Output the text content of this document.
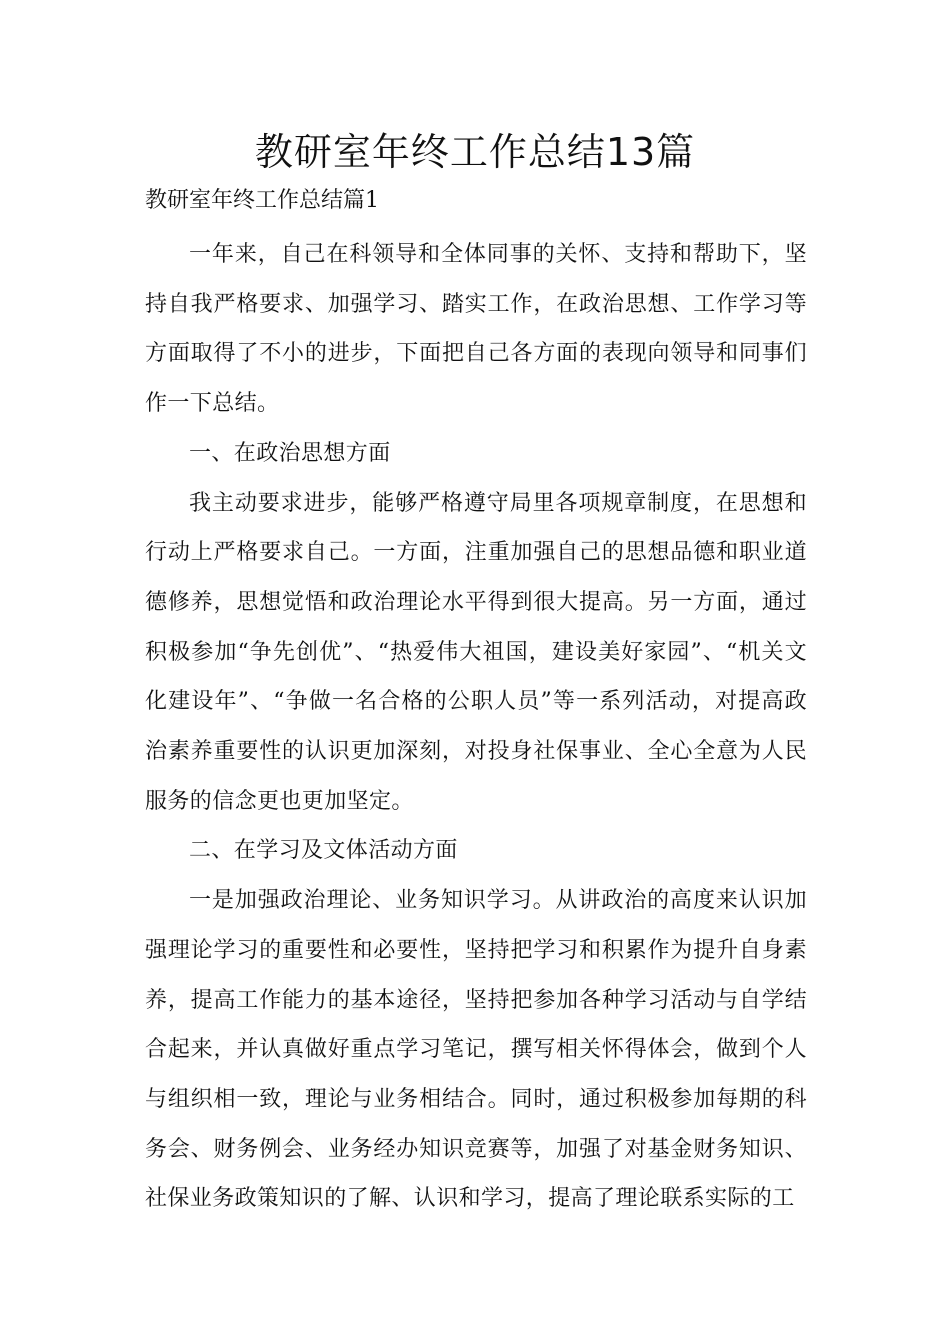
教研室年终工作总结13篇

教研室年终工作总结篇1

一年来，自己在科领导和全体同事的关怀、支持和帮助下，坚持自我严格要求、加强学习、踏实工作，在政治思想、工作学习等方面取得了不小的进步，下面把自己各方面的表现向领导和同事们作一下总结。

一、在政治思想方面

我主动要求进步，能够严格遵守局里各项规章制度，在思想和行动上严格要求自己。一方面，注重加强自己的思想品德和职业道德修养，思想觉悟和政治理论水平得到很大提高。另一方面，通过积极参加“争先创优”、“热爱伟大祖国，建设美好家园”、“机关文化建设年”、“争做一名合格的公职人员”等一系列活动，对提高政治素养重要性的认识更加深刻，对投身社保事业、全心全意为人民服务的信念更也更加坚定。

二、在学习及文体活动方面

一是加强政治理论、业务知识学习。从讲政治的高度来认识加强理论学习的重要性和必要性，坚持把学习和积累作为提升自身素养，提高工作能力的基本途径，坚持把参加各种学习活动与自学结合起来，并认真做好重点学习笔记，撰写相关怀得体会，做到个人与组织相一致，理论与业务相结合。同时，通过积极参加每期的科务会、财务例会、业务经办知识竞赛等，加强了对基金财务知识、社保业务政策知识的了解、认识和学习，提高了理论联系实际的工
